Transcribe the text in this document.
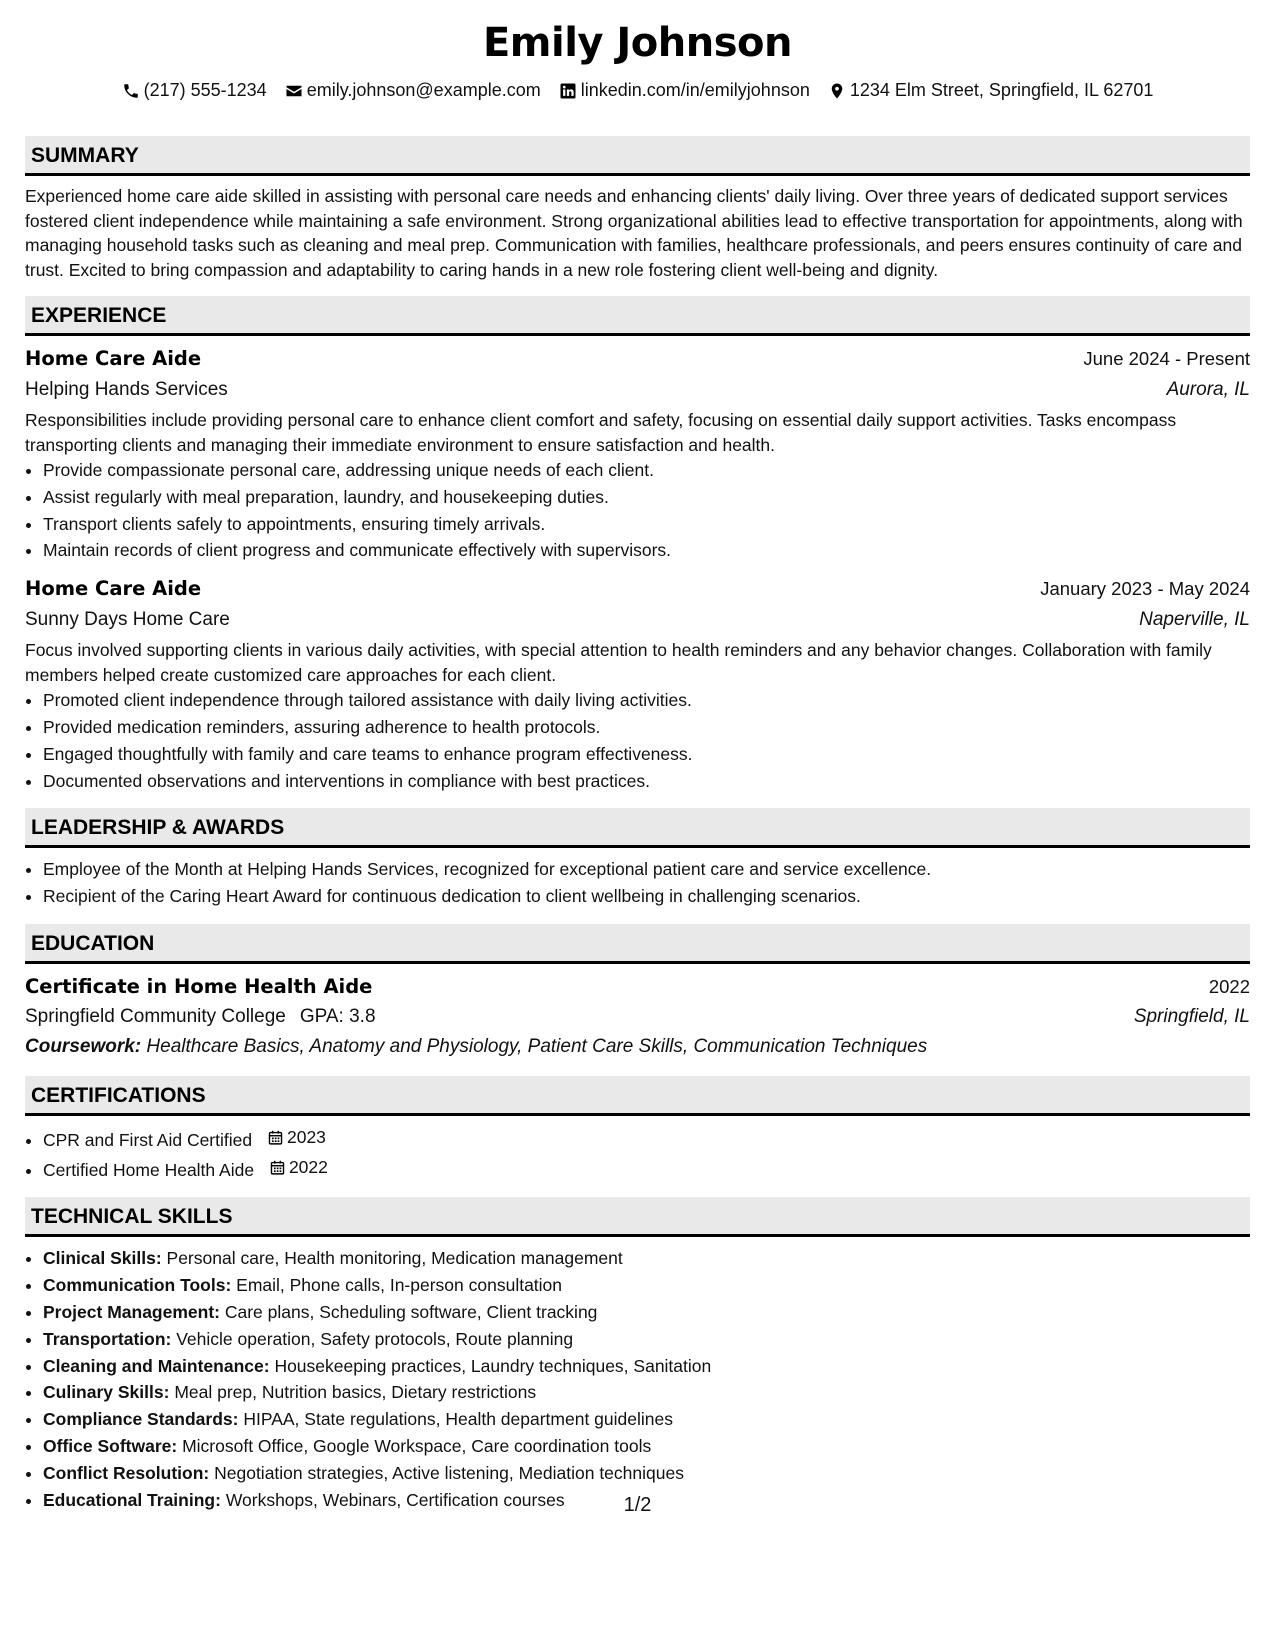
Emily Johnson
(217) 555-1234 emily.johnson@example.com linkedin.com/in/emilyjohnson 1234 Elm Street, Springfield, IL 62701
SUMMARY

Experienced home care aide skilled in assisting with personal care needs and enhancing clients' daily living. Over three years of dedicated support services fostered client independence while maintaining a safe environment. Strong organizational abilities lead to effective transportation for appointments, along with managing household tasks such as cleaning and meal prep. Communication with families, healthcare professionals, and peers ensures continuity of care and trust. Excited to bring compassion and adaptability to caring hands in a new role fostering client well-being and dignity.

EXPERIENCE
Home Care Aide	June 2024 - Present
Helping Hands Services	Aurora, IL

Responsibilities include providing personal care to enhance client comfort and safety, focusing on essential daily support activities. Tasks encompass transporting clients and managing their immediate environment to ensure satisfaction and health.

• Provide compassionate personal care, addressing unique needs of each client.
• Assist regularly with meal preparation, laundry, and housekeeping duties.
• Transport clients safely to appointments, ensuring timely arrivals.
• Maintain records of client progress and communicate effectively with supervisors.
Home Care Aide	January 2023 - May 2024
Sunny Days Home Care	Naperville, IL

Focus involved supporting clients in various daily activities, with special attention to health reminders and any behavior changes. Collaboration with family members helped create customized care approaches for each client.

• Promoted client independence through tailored assistance with daily living activities.
• Provided medication reminders, assuring adherence to health protocols.
• Engaged thoughtfully with family and care teams to enhance program effectiveness.
• Documented observations and interventions in compliance with best practices.
LEADERSHIP & AWARDS
• Employee of the Month at Helping Hands Services, recognized for exceptional patient care and service excellence.
• Recipient of the Caring Heart Award for continuous dedication to client wellbeing in challenging scenarios.
EDUCATION
Certificate in Home Health Aide	2022
Springfield Community College GPA: 3.8	Springfield, IL
Coursework: Healthcare Basics, Anatomy and Physiology, Patient Care Skills, Communication Techniques
CERTIFICATIONS
• CPR and First Aid Certified 2023
• Certified Home Health Aide 2022
TECHNICAL SKILLS
• Clinical Skills: Personal care, Health monitoring, Medication management
• Communication Tools: Email, Phone calls, In-person consultation
• Project Management: Care plans, Scheduling software, Client tracking
• Transportation: Vehicle operation, Safety protocols, Route planning
• Cleaning and Maintenance: Housekeeping practices, Laundry techniques, Sanitation
• Culinary Skills: Meal prep, Nutrition basics, Dietary restrictions
• Compliance Standards: HIPAA, State regulations, Health department guidelines
• Office Software: Microsoft Office, Google Workspace, Care coordination tools
• Conflict Resolution: Negotiation strategies, Active listening, Mediation techniques
• Educational Training: Workshops, Webinars, Certification courses	1/2
